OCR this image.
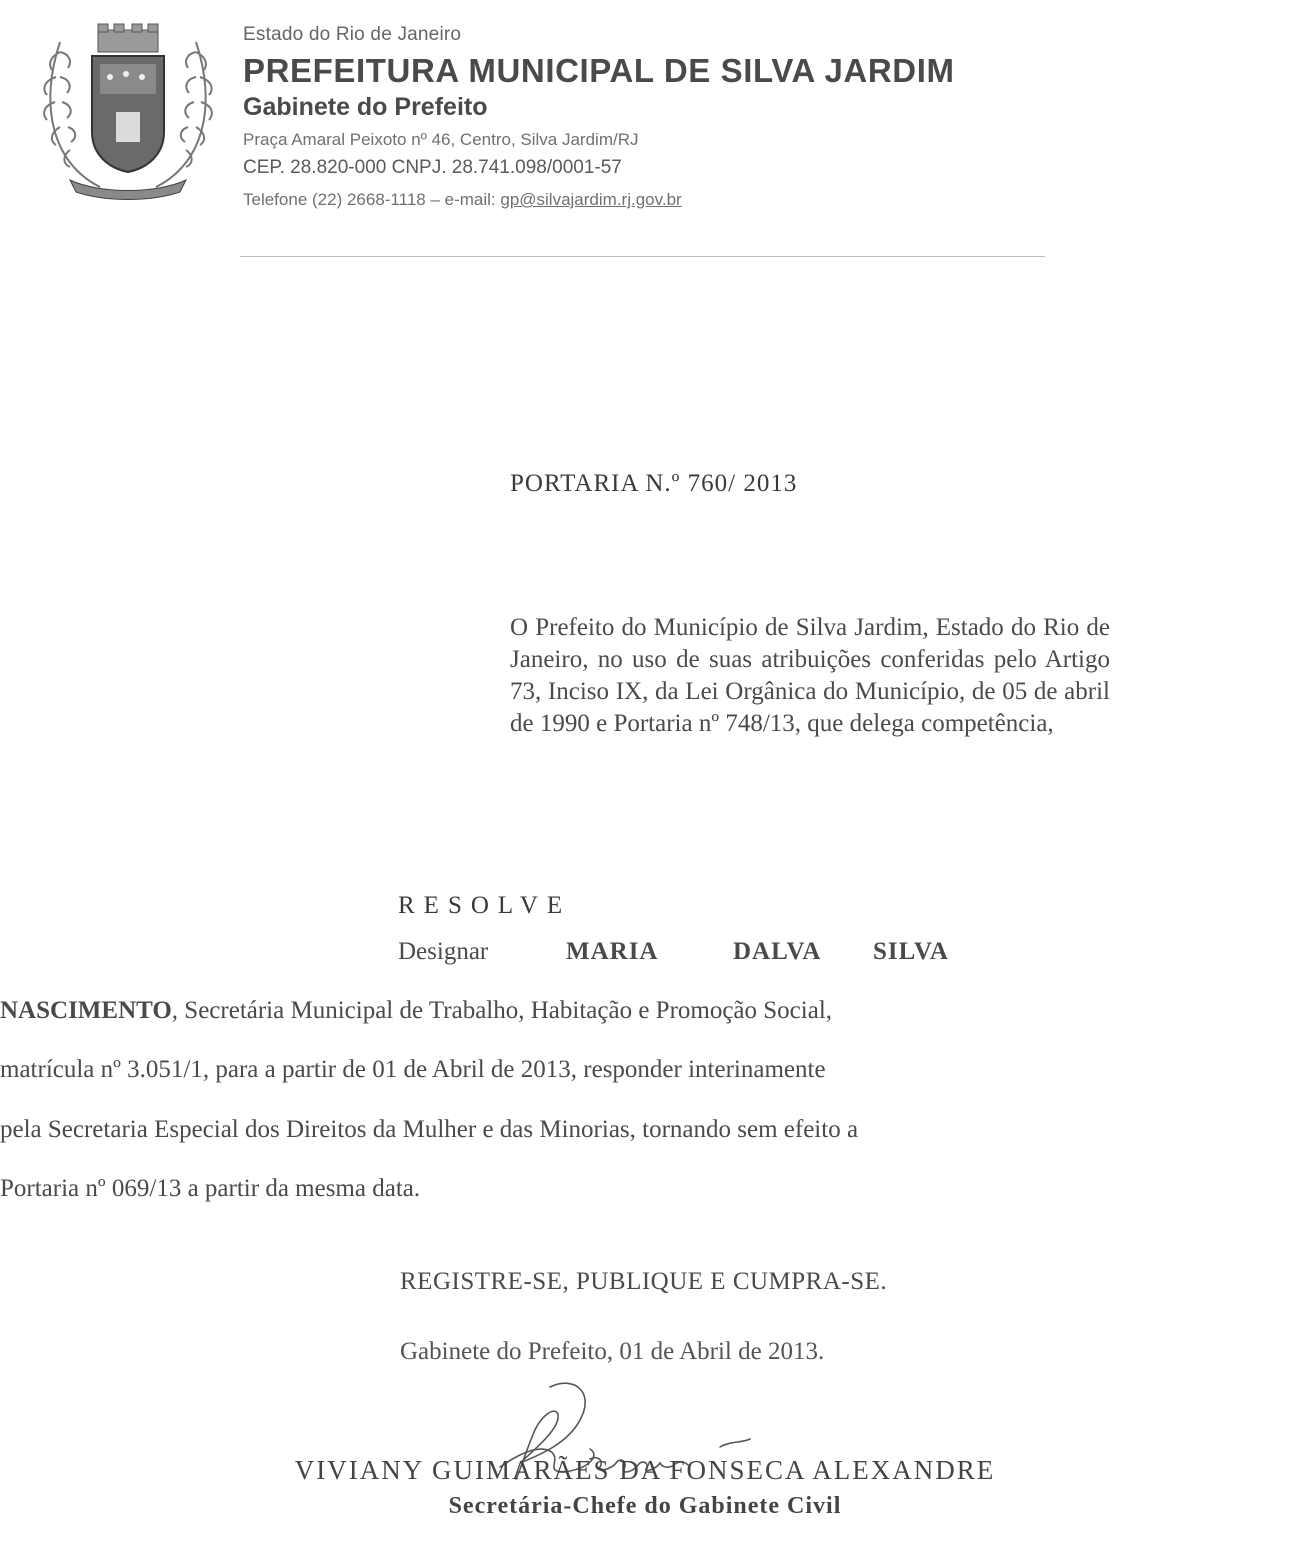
Estado do Rio de Janeiro
PREFEITURA MUNICIPAL DE SILVA JARDIM
Gabinete do Prefeito
Praça Amaral Peixoto nº 46, Centro, Silva Jardim/RJ
CEP. 28.820-000 CNPJ. 28.741.098/0001-57
Telefone (22) 2668-1118 – e-mail: gp@silvajardim.rj.gov.br
PORTARIA N.º 760/ 2013

O Prefeito do Município de Silva Jardim, Estado do Rio de Janeiro, no uso de suas atribuições conferidas pelo Artigo 73, Inciso IX, da Lei Orgânica do Município, de 05 de abril de 1990 e Portaria nº 748/13, que delega competência,

RESOLVE
Designar	MARIA	DALVA SILVA
NASCIMENTO, Secretária Municipal de Trabalho, Habitação e Promoção Social,
matrícula nº 3.051/1, para a partir de 01 de Abril de 2013, responder interinamente
pela Secretaria Especial dos Direitos da Mulher e das Minorias, tornando sem efeito a
Portaria nº 069/13 a partir da mesma data.
REGISTRE-SE, PUBLIQUE E CUMPRA-SE.
Gabinete do Prefeito, 01 de Abril de 2013.
VIVIANY GUIMARÃES DA FONSECA ALEXANDRE
Secretária-Chefe do Gabinete Civil
